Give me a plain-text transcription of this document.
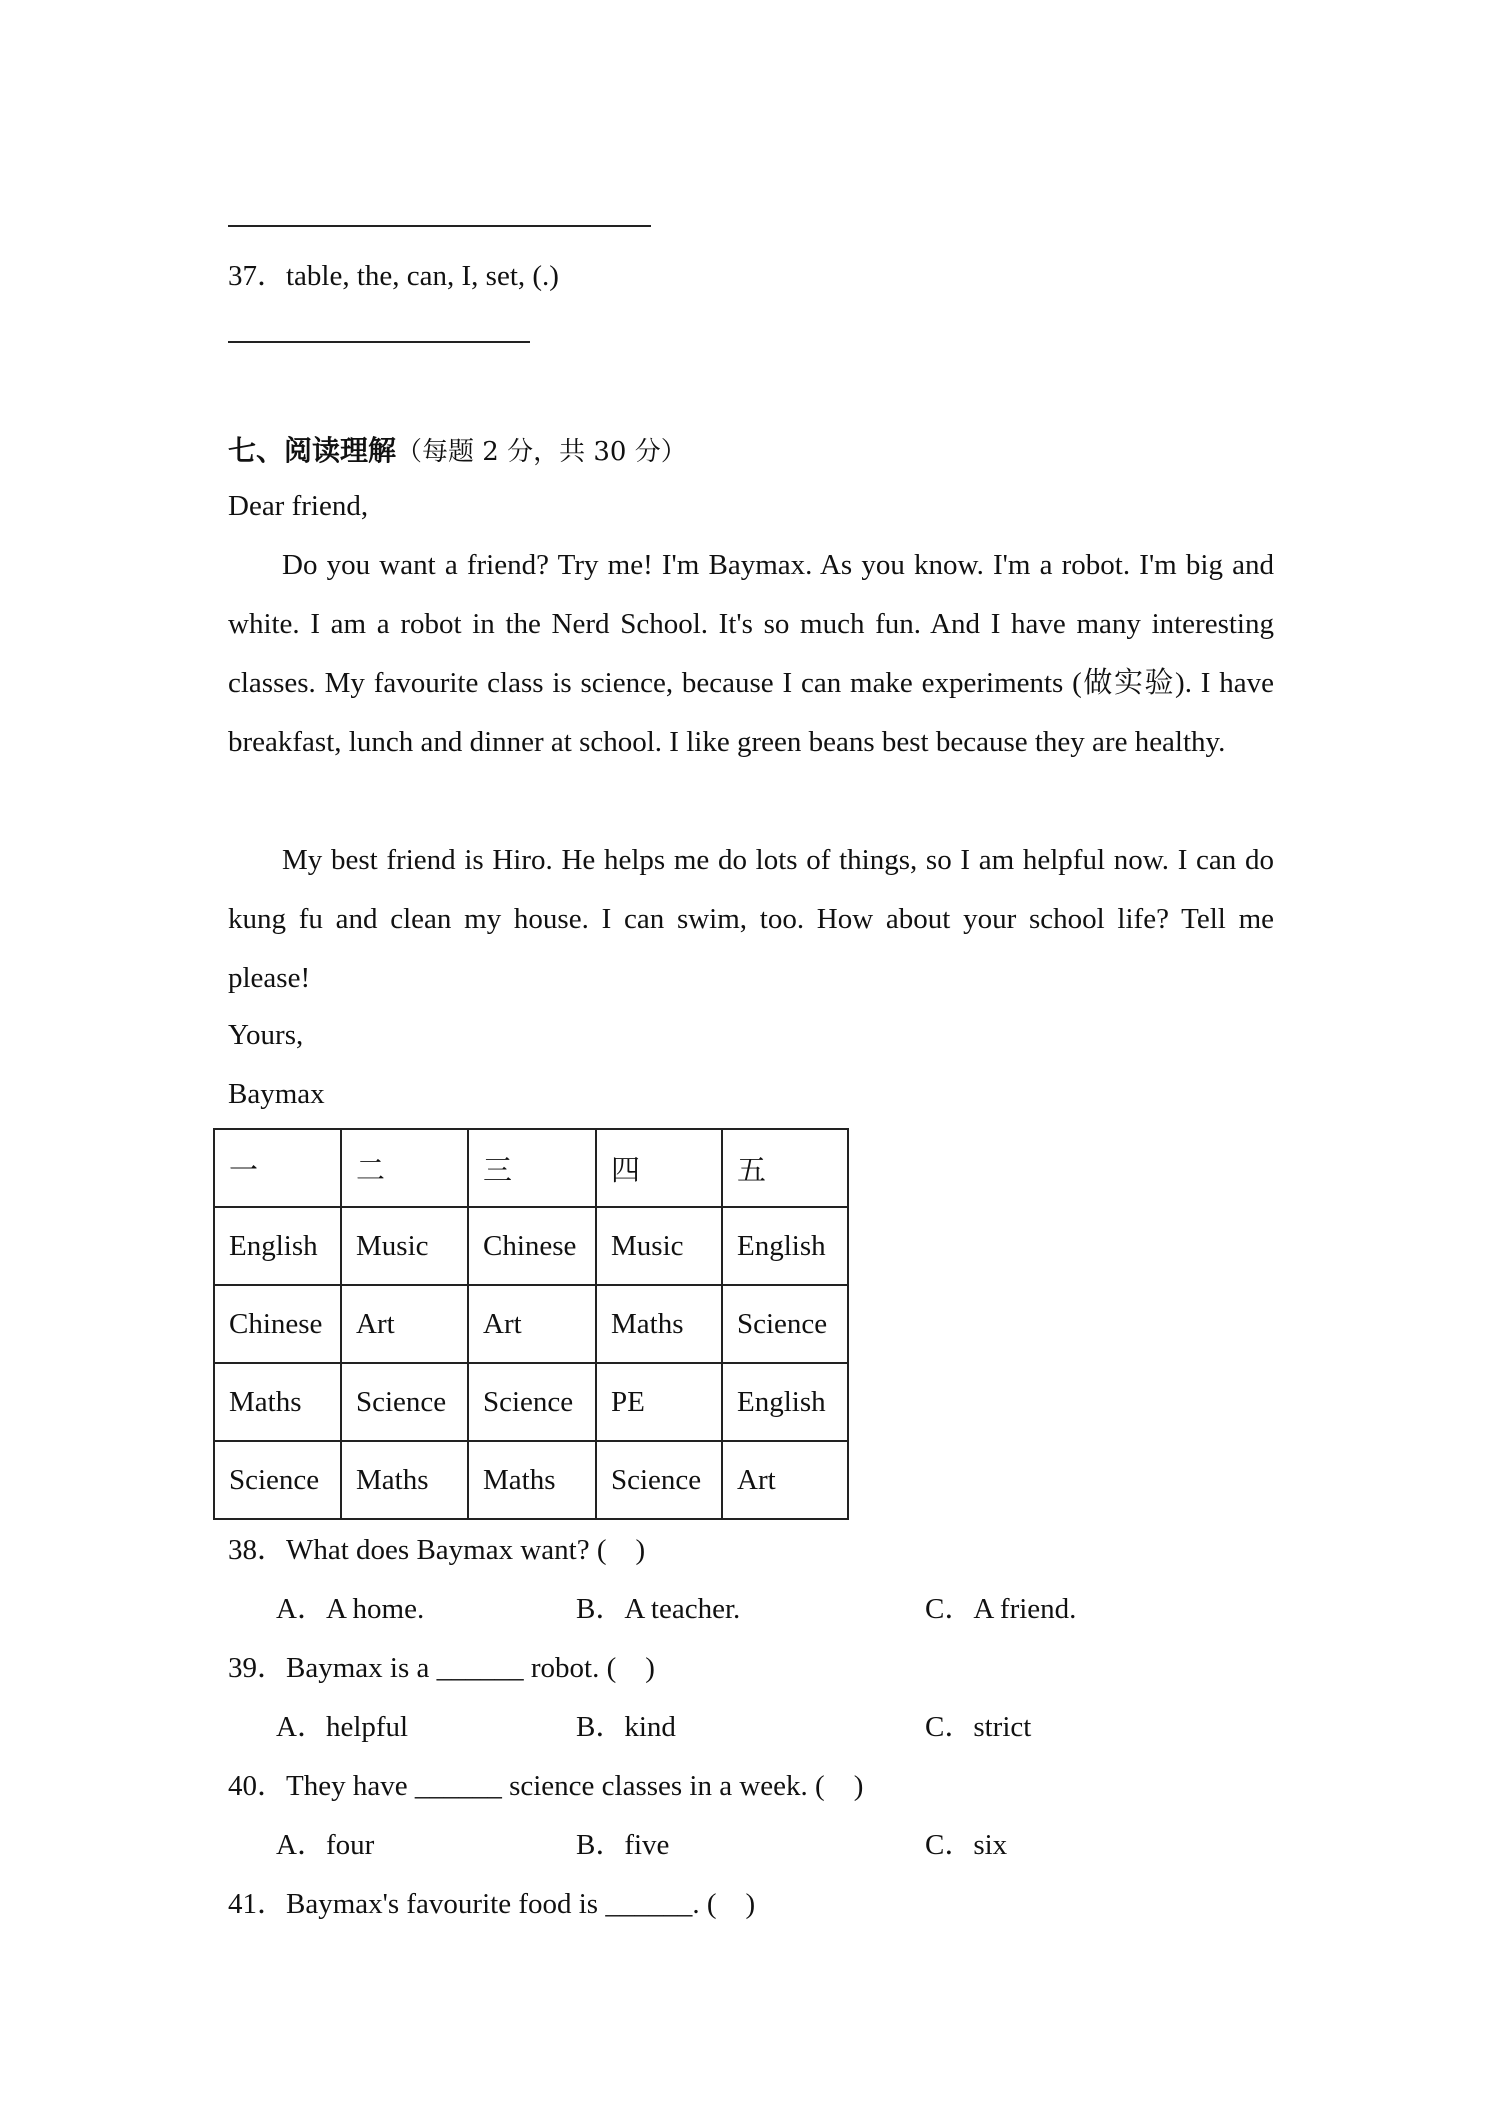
37．table, the, can, I, set, (.)
七、阅读理解（每题 2 分，共 30 分）
Dear friend,
Do you want a friend? Try me! I'm Baymax. As you know. I'm a robot. I'm big and white. I am a robot in the Nerd School. It's so much fun. And I have many interesting classes. My favourite class is science, because I can make experiments (做实验). I have breakfast, lunch and dinner at school. I like green beans best because they are healthy.
My best friend is Hiro. He helps me do lots of things, so I am helpful now. I can do kung fu and clean my house. I can swim, too. How about your school life? Tell me please!
Yours,
Baymax
一	二	三	四	五
English	Music	Chinese	Music	English
Chinese	Art	Art	Maths	Science
Maths	Science	Science	PE	English
Science	Maths	Maths	Science	Art
38．What does Baymax want? (　)
A．A home.	B．A teacher.	C．A friend.
39．Baymax is a ______ robot. (　)
A．helpful	B．kind	C．strict
40．They have ______ science classes in a week. (　)
A．four	B．five	C．six
41．Baymax's favourite food is ______. (　)
